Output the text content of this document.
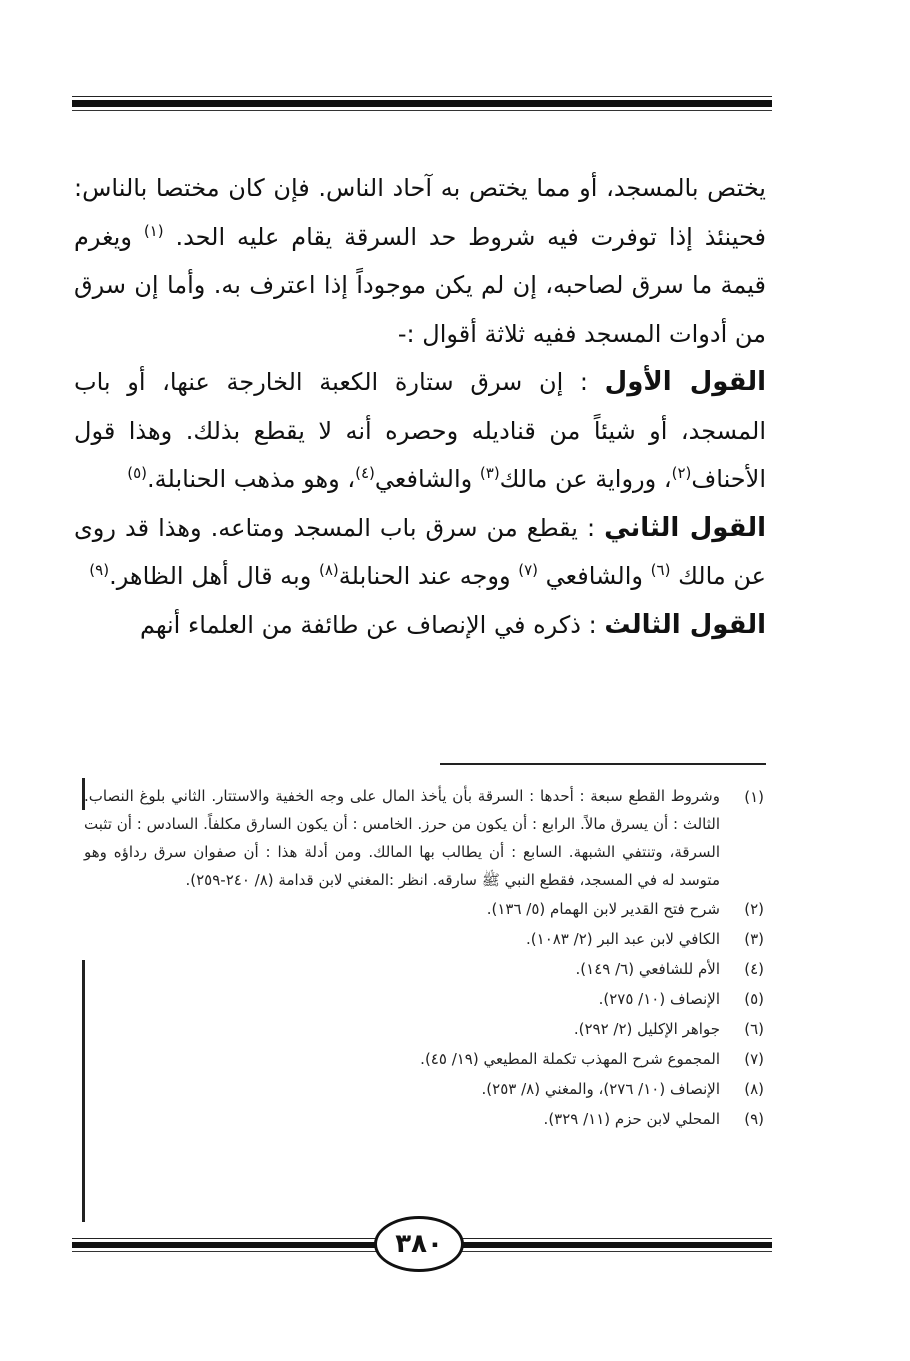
يختص بالمسجد، أو مما يختص به آحاد الناس. فإن كان مختصا بالناس: فحينئذ إذا توفرت فيه شروط حد السرقة يقام عليه الحد. $^{(١)}$ ويغرم قيمة ما سرق لصاحبه، إن لم يكن موجوداً إذا اعترف به. وأما إن سرق من أدوات المسجد ففيه ثلاثة أقوال :-

القول الأول : إن سرق ستارة الكعبة الخارجة عنها، أو باب المسجد، أو شيئاً من قناديله وحصره أنه لا يقطع بذلك. وهذا قول الأحناف$^{(٢)}$، ورواية عن مالك$^{(٣)}$ والشافعي$^{(٤)}$، وهو مذهب الحنابلة.$^{(٥)}$

القول الثاني : يقطع من سرق باب المسجد ومتاعه. وهذا قد روى عن مالك $^{(٦)}$ والشافعي $^{(٧)}$ ووجه عند الحنابلة$^{(٨)}$ وبه قال أهل الظاهر.$^{(٩)}$

القول الثالث : ذكره في الإنصاف عن طائفة من العلماء أنهم

(١)
وشروط القطع سبعة : أحدها : السرقة بأن يأخذ المال على وجه الخفية والاستتار. الثاني بلوغ النصاب. الثالث : أن يسرق مالاً. الرابع : أن يكون من حرز. الخامس : أن يكون السارق مكلفاً. السادس : أن تثبت السرقة، وتنتفي الشبهة. السابع : أن يطالب بها المالك. ومن أدلة هذا : أن صفوان سرق رداؤه وهو متوسد له في المسجد، فقطع النبي ﷺ سارقه. انظر :المغني لابن قدامة (٨/ ٢٤٠-٢٥٩).
(٢)
شرح فتح القدير لابن الهمام (٥/ ١٣٦).
(٣)
الكافي لابن عبد البر (٢/ ١٠٨٣).
(٤)
الأم للشافعي (٦/ ١٤٩).
(٥)
الإنصاف (١٠/ ٢٧٥).
(٦)
جواهر الإكليل (٢/ ٢٩٢).
(٧)
المجموع شرح المهذب تكملة المطيعي (١٩/ ٤٥).
(٨)
الإنصاف (١٠/ ٢٧٦)، والمغني (٨/ ٢٥٣).
(٩)
المحلي لابن حزم (١١/ ٣٢٩).
٣٨٠
